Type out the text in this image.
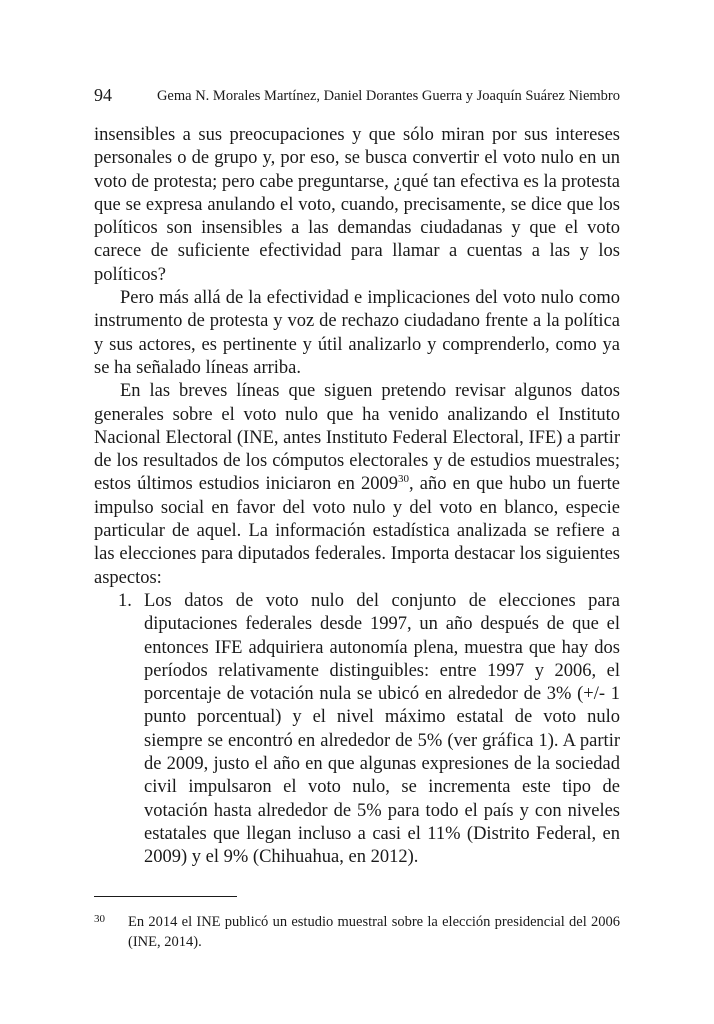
94	Gema N. Morales Martínez, Daniel Dorantes Guerra y Joaquín Suárez Niembro

insensibles a sus preocupaciones y que sólo miran por sus intereses personales o de grupo y, por eso, se busca convertir el voto nulo en un voto de protesta; pero cabe preguntarse, ¿qué tan efectiva es la protesta que se expresa anulando el voto, cuando, precisamente, se dice que los políticos son insensibles a las demandas ciudadanas y que el voto carece de suficiente efectividad para llamar a cuentas a las y los políticos?

Pero más allá de la efectividad e implicaciones del voto nulo como instrumento de protesta y voz de rechazo ciudadano frente a la política y sus actores, es pertinente y útil analizarlo y comprenderlo, como ya se ha señalado líneas arriba.

En las breves líneas que siguen pretendo revisar algunos datos generales sobre el voto nulo que ha venido analizando el Instituto Nacional Electoral (INE, antes Instituto Federal Electoral, IFE) a partir de los resultados de los cómputos electorales y de estudios muestrales; estos últimos estudios iniciaron en 2009$^{30}$, año en que hubo un fuerte impulso social en favor del voto nulo y del voto en blanco, especie particular de aquel. La información estadística analizada se refiere a las elecciones para diputados federales. Importa destacar los siguientes aspectos:

1. Los datos de voto nulo del conjunto de elecciones para diputaciones federales desde 1997, un año después de que el entonces IFE adquiriera autonomía plena, muestra que hay dos períodos relativamente distinguibles: entre 1997 y 2006, el porcentaje de votación nula se ubicó en alrededor de 3% (+/- 1 punto porcentual) y el nivel máximo estatal de voto nulo siempre se encontró en alrededor de 5% (ver gráfica 1). A partir de 2009, justo el año en que algunas expresiones de la sociedad civil impulsaron el voto nulo, se incrementa este tipo de votación hasta alrededor de 5% para todo el país y con niveles estatales que llegan incluso a casi el 11% (Distrito Federal, en 2009) y el 9% (Chihuahua, en 2012).

30	En 2014 el INE publicó un estudio muestral sobre la elección presidencial del 2006 (INE, 2014).
